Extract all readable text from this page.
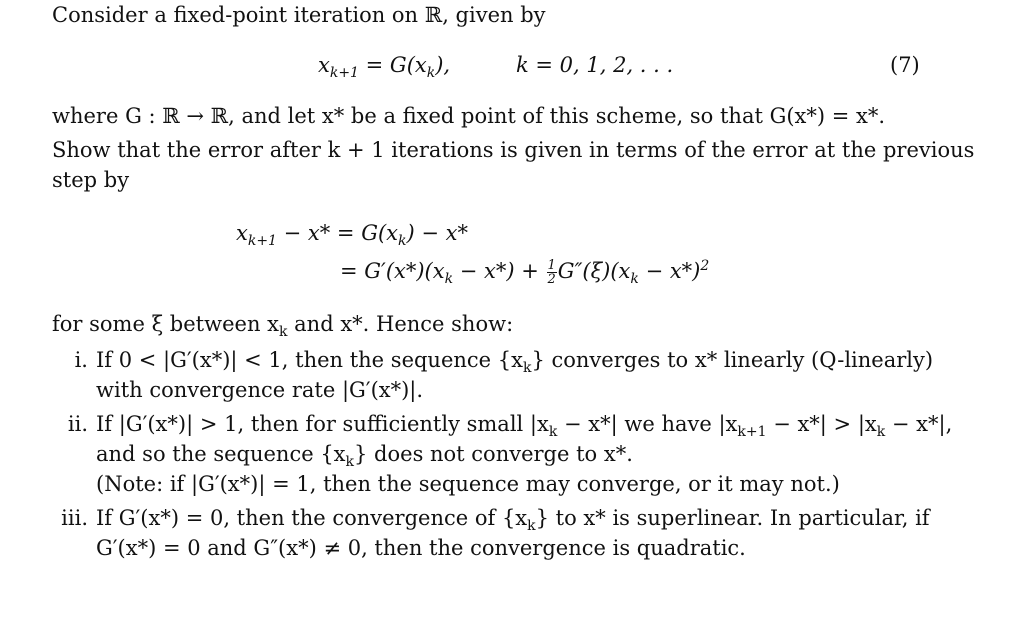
Consider a fixed-point iteration on ℝ, given by
$x_{k+1} = G(x_k)$,	k = 0, 1, 2, . . .	(7)
where G : ℝ → ℝ, and let x* be a fixed point of this scheme, so that G(x*) = x*.
Show that the error after k + 1 iterations is given in terms of the error at the previous
step by
$x_{k+1} - x* = G(x_k) - x*$
= $G'(x*)(x_k - x*) + \frac{1}{2} G''(\xi)(x_k - x*)^2$
for some ξ between $x_k$ and x*. Hence show:
i. If 0 < |G′(x*)| < 1, then the sequence $\{x_k\}$ converges to x* linearly (Q-linearly)
with convergence rate |G′(x*)|.
ii. If |G′(x*)| > 1, then for sufficiently small $|x_k - x*|$ we have $|x_{k+1} - x*| > |x_k - x*|$,
and so the sequence $\{x_k\}$ does not converge to x*.
(Note: if |G′(x*)| = 1, then the sequence may converge, or it may not.)
iii. If G′(x*) = 0, then the convergence of $\{x_k\}$ to x* is superlinear. In particular, if
G′(x*) = 0 and G″(x*) ≠ 0, then the convergence is quadratic.
